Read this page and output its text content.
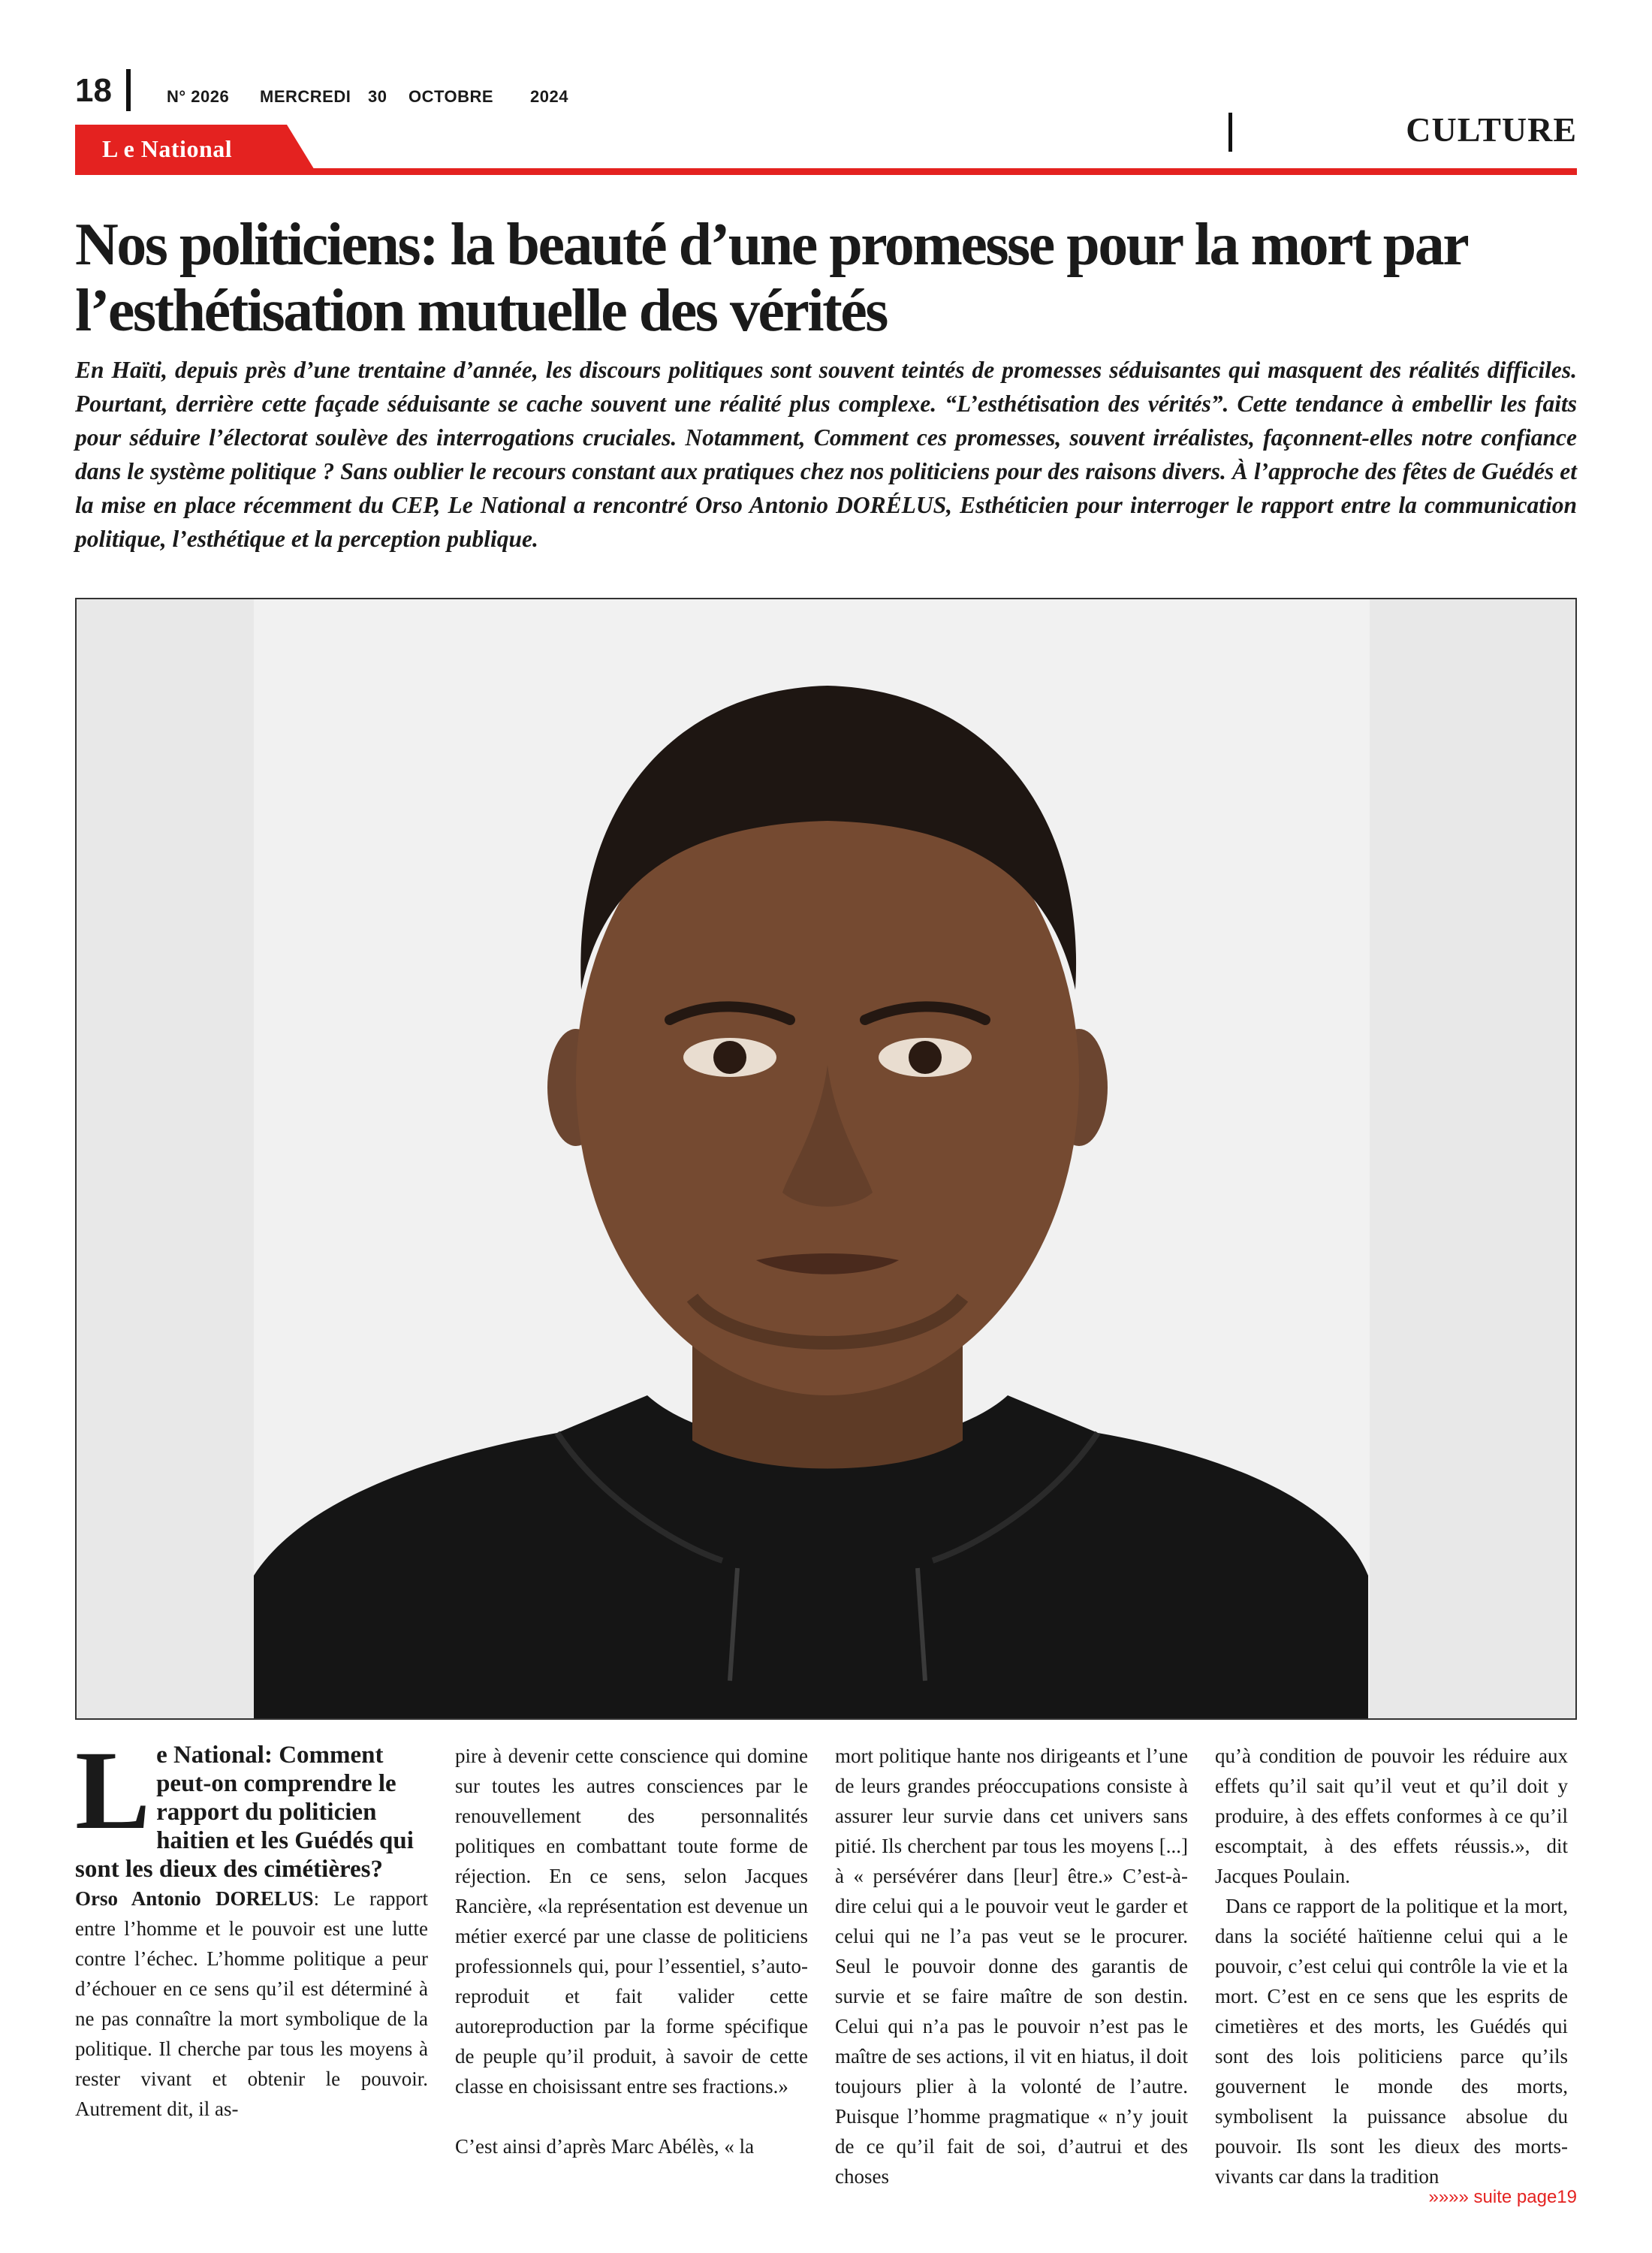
18	N° 2026 MERCREDI 30 OCTOBRE 2024
L e National	CULTURE
Nos politiciens: la beauté d’une promesse pour la mort par l’esthétisation mutuelle des vérités

En Haïti, depuis près d’une trentaine d’année, les discours politiques sont souvent teintés de promesses séduisantes qui masquent des réalités difficiles. Pourtant, derrière cette façade séduisante se cache souvent une réalité plus complexe. “L’esthétisation des vérités”. Cette tendance à embellir les faits pour séduire l’électorat soulève des interrogations cruciales. Notamment, Comment ces promesses, souvent irréalistes, façonnent-elles notre confiance dans le système politique ? Sans oublier le recours constant aux pratiques chez nos politiciens pour des raisons divers. À l’approche des fêtes de Guédés et la mise en place récemment du CEP, Le National a rencontré Orso Antonio DORÉLUS, Esthéticien pour interroger le rapport entre la communication politique, l’esthétique et la perception publique.

L e National: Comment peut-on comprendre le rapport du politicien haitien et les Guédés qui sont les dieux des cimétières?

Orso Antonio DORELUS: Le rapport entre l’homme et le pouvoir est une lutte contre l’échec. L’homme politique a peur d’échouer en ce sens qu’il est déterminé à ne pas connaître la mort symbolique de la politique. Il cherche par tous les moyens à rester vivant et obtenir le pouvoir. Autrement dit, il as-

pire à devenir cette conscience qui domine sur toutes les autres consciences par le renouvellement des personnalités politiques en combattant toute forme de réjection. En ce sens, selon Jacques Rancière, «la représentation est devenue un métier exercé par une classe de politiciens professionnels qui, pour l’essentiel, s’auto-reproduit et fait valider cette autoreproduction par la forme spécifique de peuple qu’il produit, à savoir de cette classe en choisissant entre ses fractions.»

C’est ainsi d’après Marc Abélès, « la

mort politique hante nos dirigeants et l’une de leurs grandes préoccupations consiste à assurer leur survie dans cet univers sans pitié. Ils cherchent par tous les moyens [...] à « persévérer dans [leur] être.» C’est-à-dire celui qui a le pouvoir veut le garder et celui qui ne l’a pas veut se le procurer. Seul le pouvoir donne des garantis de survie et se faire maître de son destin. Celui qui n’a pas le pouvoir n’est pas le maître de ses actions, il vit en hiatus, il doit toujours plier à la volonté de l’autre. Puisque l’homme pragmatique « n’y jouit de ce qu’il fait de soi, d’autrui et des choses

qu’à condition de pouvoir les réduire aux effets qu’il sait qu’il veut et qu’il doit y produire, à des effets conformes à ce qu’il escomptait, à des effets réussis.», dit Jacques Poulain.

Dans ce rapport de la politique et la mort, dans la société haïtienne celui qui a le pouvoir, c’est celui qui contrôle la vie et la mort. C’est en ce sens que les esprits de cimetières et des morts, les Guédés qui sont des lois politiciens parce qu’ils gouvernent le monde des morts, symbolisent la puissance absolue du pouvoir. Ils sont les dieux des morts-vivants car dans la tradition

»»»» suite page19
